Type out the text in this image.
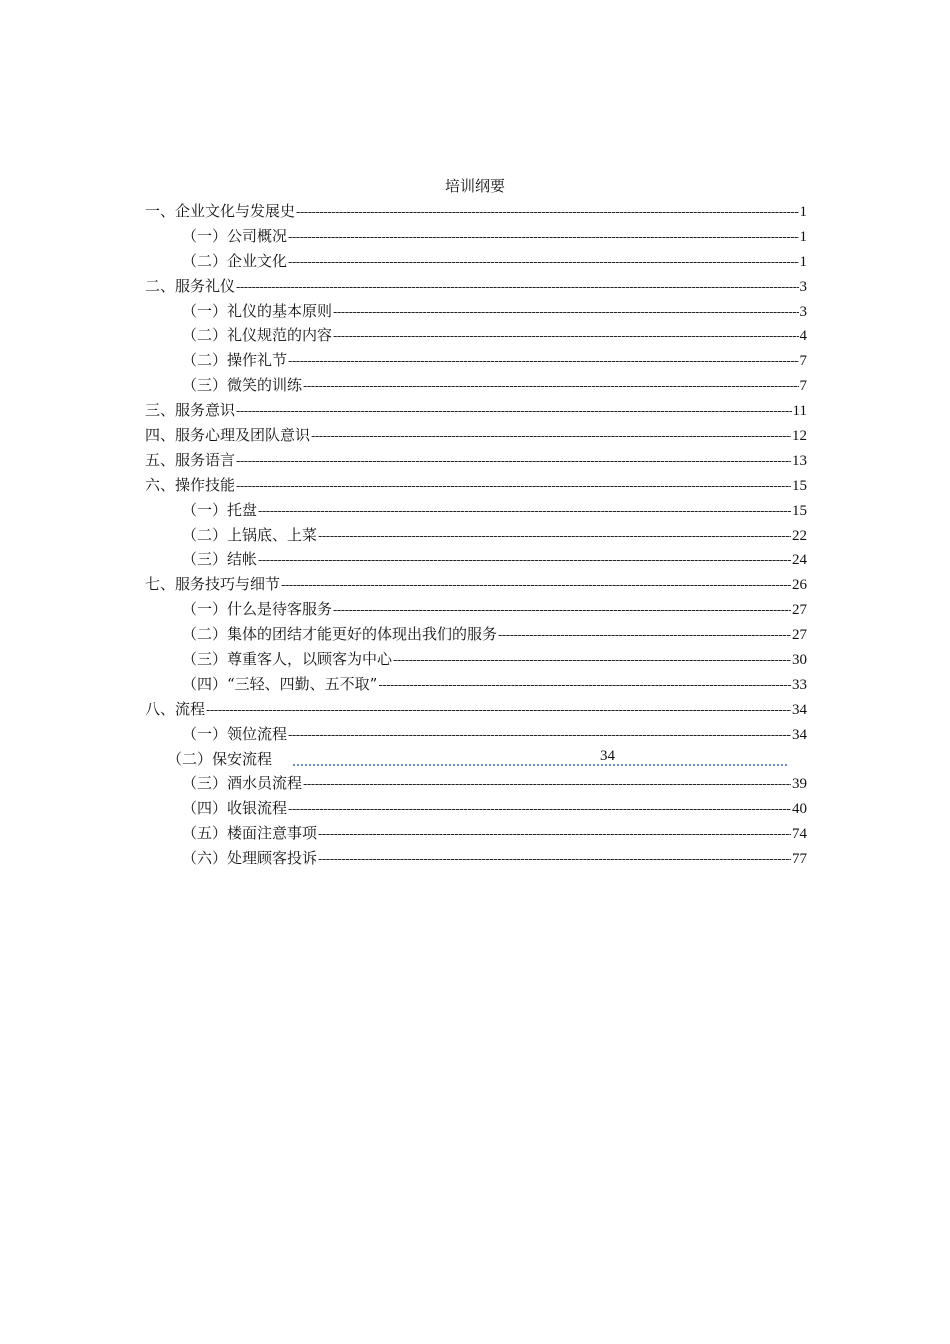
培训纲要
一、企业文化与发展史 -----	1
（一）公司概况 -----	1
（二）企业文化 -----	1
二、服务礼仪 -----	3
（一）礼仪的基本原则 -----	3
（二）礼仪规范的内容 -----	4
（二）操作礼节 -----	7
（三）微笑的训练 -----	7
三、服务意识 -----	11
四、服务心理及团队意识 -----	12
五、服务语言 -----	13
六、操作技能 -----	15
（一）托盘 -----	15
（二）上锅底、上菜 -----	22
（三）结帐 -----	24
七、服务技巧与细节 -----	26
（一）什么是待客服务 -----	27
（二）集体的团结才能更好的体现出我们的服务 -----	27
（三）尊重客人，以顾客为中心 -----	30
（四）“三轻、四勤、五不取” -----	33
八、流程 -----	34
（一）领位流程 -----	34
（二）保安流程	34
（三）酒水员流程 -----	39
（四）收银流程 -----	40
（五）楼面注意事项 -----	74
（六）处理顾客投诉 -----	77
